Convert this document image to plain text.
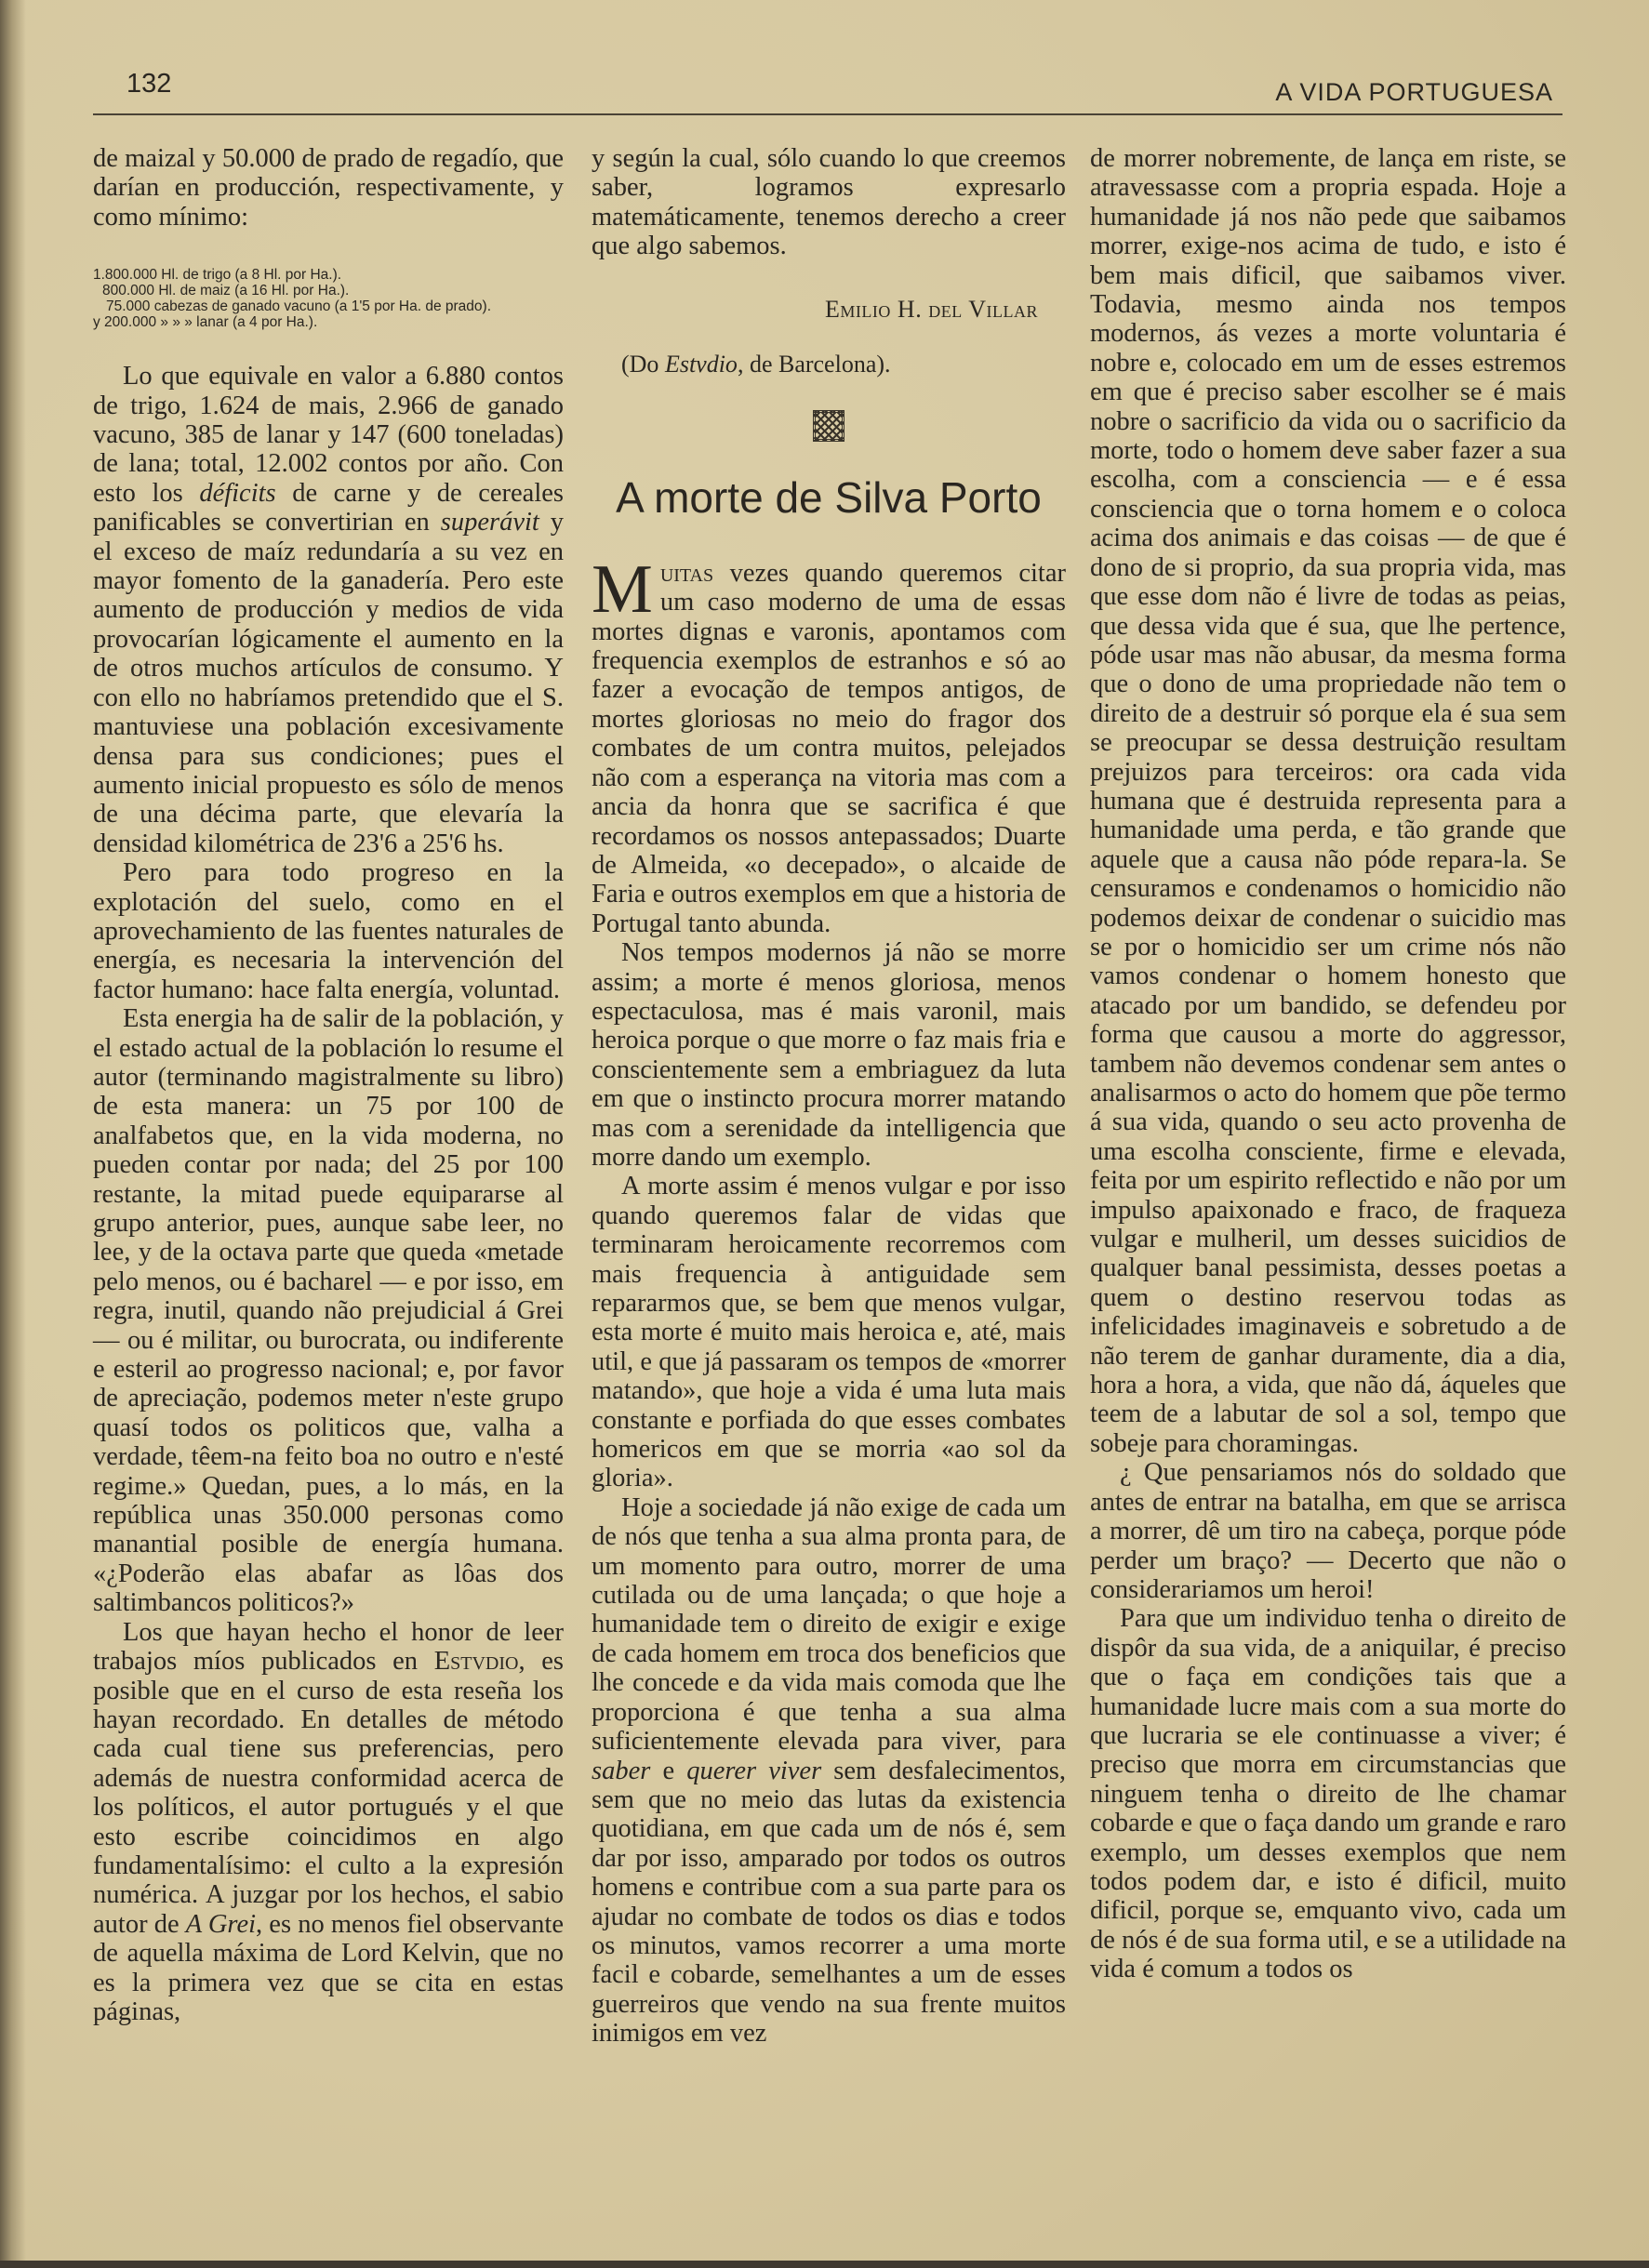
132	A VIDA PORTUGUESA

de maizal y 50.000 de prado de regadío, que darían en producción, respectivamente, y como mínimo:

1.800.000 Hl. de trigo (a 8 Hl. por Ha.).
800.000 Hl. de maiz (a 16 Hl. por Ha.).
75.000 cabezas de ganado vacuno (a 1'5 por Ha. de prado).
y 200.000 » » » lanar (a 4 por Ha.).

Lo que equivale en valor a 6.880 contos de trigo, 1.624 de mais, 2.966 de ganado vacuno, 385 de lanar y 147 (600 toneladas) de lana; total, 12.002 contos por año. Con esto los déficits de carne y de cereales panificables se convertirian en superávit y el exceso de maíz redundaría a su vez en mayor fomento de la ganadería. Pero este aumento de producción y medios de vida provocarían lógicamente el aumento en la de otros muchos artículos de consumo. Y con ello no habríamos pretendido que el S. mantuviese una población excesivamente densa para sus condiciones; pues el aumento inicial propuesto es sólo de menos de una décima parte, que elevaría la densidad kilométrica de 23'6 a 25'6 hs.

Pero para todo progreso en la explotación del suelo, como en el aprovechamiento de las fuentes naturales de energía, es necesaria la intervención del factor humano: hace falta energía, voluntad.

Esta energia ha de salir de la población, y el estado actual de la población lo resume el autor (terminando magistralmente su libro) de esta manera: un 75 por 100 de analfabetos que, en la vida moderna, no pueden contar por nada; del 25 por 100 restante, la mitad puede equipararse al grupo anterior, pues, aunque sabe leer, no lee, y de la octava parte que queda «metade pelo menos, ou é bacharel — e por isso, em regra, inutil, quando não prejudicial á Grei — ou é militar, ou burocrata, ou indiferente e esteril ao progresso nacional; e, por favor de apreciação, podemos meter n'este grupo quasí todos os politicos que, valha a verdade, têem-na feito boa no outro e n'esté regime.» Quedan, pues, a lo más, en la república unas 350.000 personas como manantial posible de energía humana. «¿Poderão elas abafar as lôas dos saltimbancos politicos?»

Los que hayan hecho el honor de leer trabajos míos publicados en Estvdio, es posible que en el curso de esta reseña los hayan recordado. En detalles de método cada cual tiene sus preferencias, pero además de nuestra conformidad acerca de los políticos, el autor portugués y el que esto escribe coincidimos en algo fundamentalísimo: el culto a la expresión numérica. A juzgar por los hechos, el sabio autor de A Grei, es no menos fiel observante de aquella máxima de Lord Kelvin, que no es la primera vez que se cita en estas páginas,

y según la cual, sólo cuando lo que creemos saber, logramos expresarlo matemáticamente, tenemos derecho a creer que algo sabemos.

Emilio H. del Villar

(Do Estvdio, de Barcelona).

A morte de Silva Porto

Muitas vezes quando queremos citar um caso moderno de uma de essas mortes dignas e varonis, apontamos com frequencia exemplos de estranhos e só ao fazer a evocação de tempos antigos, de mortes gloriosas no meio do fragor dos combates de um contra muitos, pelejados não com a esperança na vitoria mas com a ancia da honra que se sacrifica é que recordamos os nossos antepassados; Duarte de Almeida, «o decepado», o alcaide de Faria e outros exemplos em que a historia de Portugal tanto abunda.

Nos tempos modernos já não se morre assim; a morte é menos gloriosa, menos espectaculosa, mas é mais varonil, mais heroica porque o que morre o faz mais fria e conscientemente sem a embriaguez da luta em que o instincto procura morrer matando mas com a serenidade da intelligencia que morre dando um exemplo.

A morte assim é menos vulgar e por isso quando queremos falar de vidas que terminaram heroicamente recorremos com mais frequencia à antiguidade sem repararmos que, se bem que menos vulgar, esta morte é muito mais heroica e, até, mais util, e que já passaram os tempos de «morrer matando», que hoje a vida é uma luta mais constante e porfiada do que esses combates homericos em que se morria «ao sol da gloria».

Hoje a sociedade já não exige de cada um de nós que tenha a sua alma pronta para, de um momento para outro, morrer de uma cutilada ou de uma lançada; o que hoje a humanidade tem o direito de exigir e exige de cada homem em troca dos beneficios que lhe concede e da vida mais comoda que lhe proporciona é que tenha a sua alma suficientemente elevada para viver, para saber e querer viver sem desfalecimentos, sem que no meio das lutas da existencia quotidiana, em que cada um de nós é, sem dar por isso, amparado por todos os outros homens e contribue com a sua parte para os ajudar no combate de todos os dias e todos os minutos, vamos recorrer a uma morte facil e cobarde, semelhantes a um de esses guerreiros que vendo na sua frente muitos inimigos em vez

de morrer nobremente, de lança em riste, se atravessasse com a propria espada. Hoje a humanidade já nos não pede que saibamos morrer, exige-nos acima de tudo, e isto é bem mais dificil, que saibamos viver. Todavia, mesmo ainda nos tempos modernos, ás vezes a morte voluntaria é nobre e, colocado em um de esses estremos em que é preciso saber escolher se é mais nobre o sacrificio da vida ou o sacrificio da morte, todo o homem deve saber fazer a sua escolha, com a consciencia — e é essa consciencia que o torna homem e o coloca acima dos animais e das coisas — de que é dono de si proprio, da sua propria vida, mas que esse dom não é livre de todas as peias, que dessa vida que é sua, que lhe pertence, póde usar mas não abusar, da mesma forma que o dono de uma propriedade não tem o direito de a destruir só porque ela é sua sem se preocupar se dessa destruição resultam prejuizos para terceiros: ora cada vida humana que é destruida representa para a humanidade uma perda, e tão grande que aquele que a causa não póde repara-la. Se censuramos e condenamos o homicidio não podemos deixar de condenar o suicidio mas se por o homicidio ser um crime nós não vamos condenar o homem honesto que atacado por um bandido, se defendeu por forma que causou a morte do aggressor, tambem não devemos condenar sem antes o analisarmos o acto do homem que põe termo á sua vida, quando o seu acto provenha de uma escolha consciente, firme e elevada, feita por um espirito reflectido e não por um impulso apaixonado e fraco, de fraqueza vulgar e mulheril, um desses suicidios de qualquer banal pessimista, desses poetas a quem o destino reservou todas as infelicidades imaginaveis e sobretudo a de não terem de ganhar duramente, dia a dia, hora a hora, a vida, que não dá, áqueles que teem de a labutar de sol a sol, tempo que sobeje para choramingas.

¿ Que pensariamos nós do soldado que antes de entrar na batalha, em que se arrisca a morrer, dê um tiro na cabeça, porque póde perder um braço? — Decerto que não o considerariamos um heroi!

Para que um individuo tenha o direito de dispôr da sua vida, de a aniquilar, é preciso que o faça em condições tais que a humanidade lucre mais com a sua morte do que lucraria se ele continuasse a viver; é preciso que morra em circumstancias que ninguem tenha o direito de lhe chamar cobarde e que o faça dando um grande e raro exemplo, um desses exemplos que nem todos podem dar, e isto é dificil, muito dificil, porque se, emquanto vivo, cada um de nós é de sua forma util, e se a utilidade na vida é comum a todos os
